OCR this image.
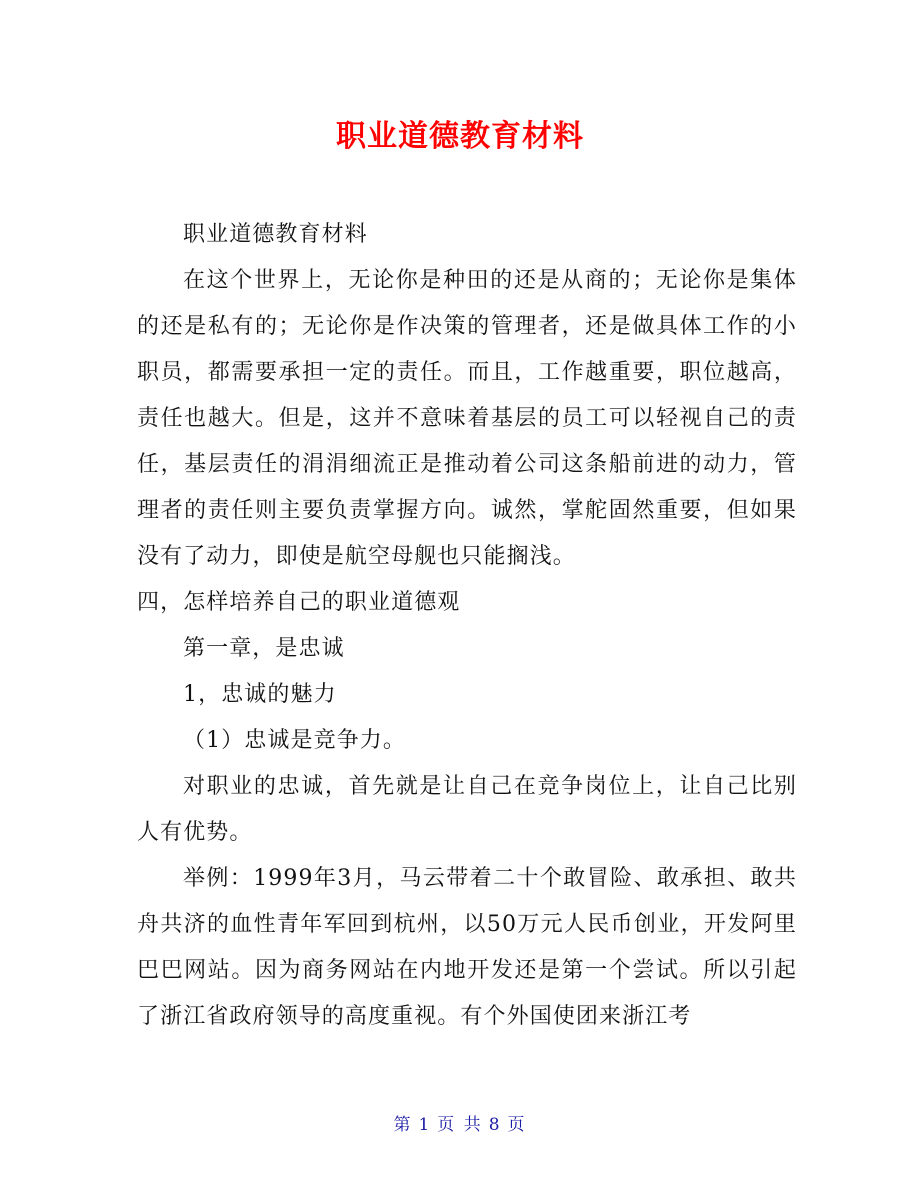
职业道德教育材料

职业道德教育材料

在这个世界上，无论你是种田的还是从商的；无论你是集体的还是私有的；无论你是作决策的管理者，还是做具体工作的小职员，都需要承担一定的责任。而且，工作越重要，职位越高，责任也越大。但是，这并不意味着基层的员工可以轻视自己的责任，基层责任的涓涓细流正是推动着公司这条船前进的动力，管理者的责任则主要负责掌握方向。诚然，掌舵固然重要，但如果没有了动力，即使是航空母舰也只能搁浅。

四，怎样培养自己的职业道德观

第一章，是忠诚

1，忠诚的魅力

（1）忠诚是竞争力。

对职业的忠诚，首先就是让自己在竞争岗位上，让自己比别人有优势。

举例：1999年3月，马云带着二十个敢冒险、敢承担、敢共舟共济的血性青年军回到杭州，以50万元人民币创业，开发阿里巴巴网站。因为商务网站在内地开发还是第一个尝试。所以引起了浙江省政府领导的高度重视。有个外国使团来浙江考

第 1 页 共 8 页
